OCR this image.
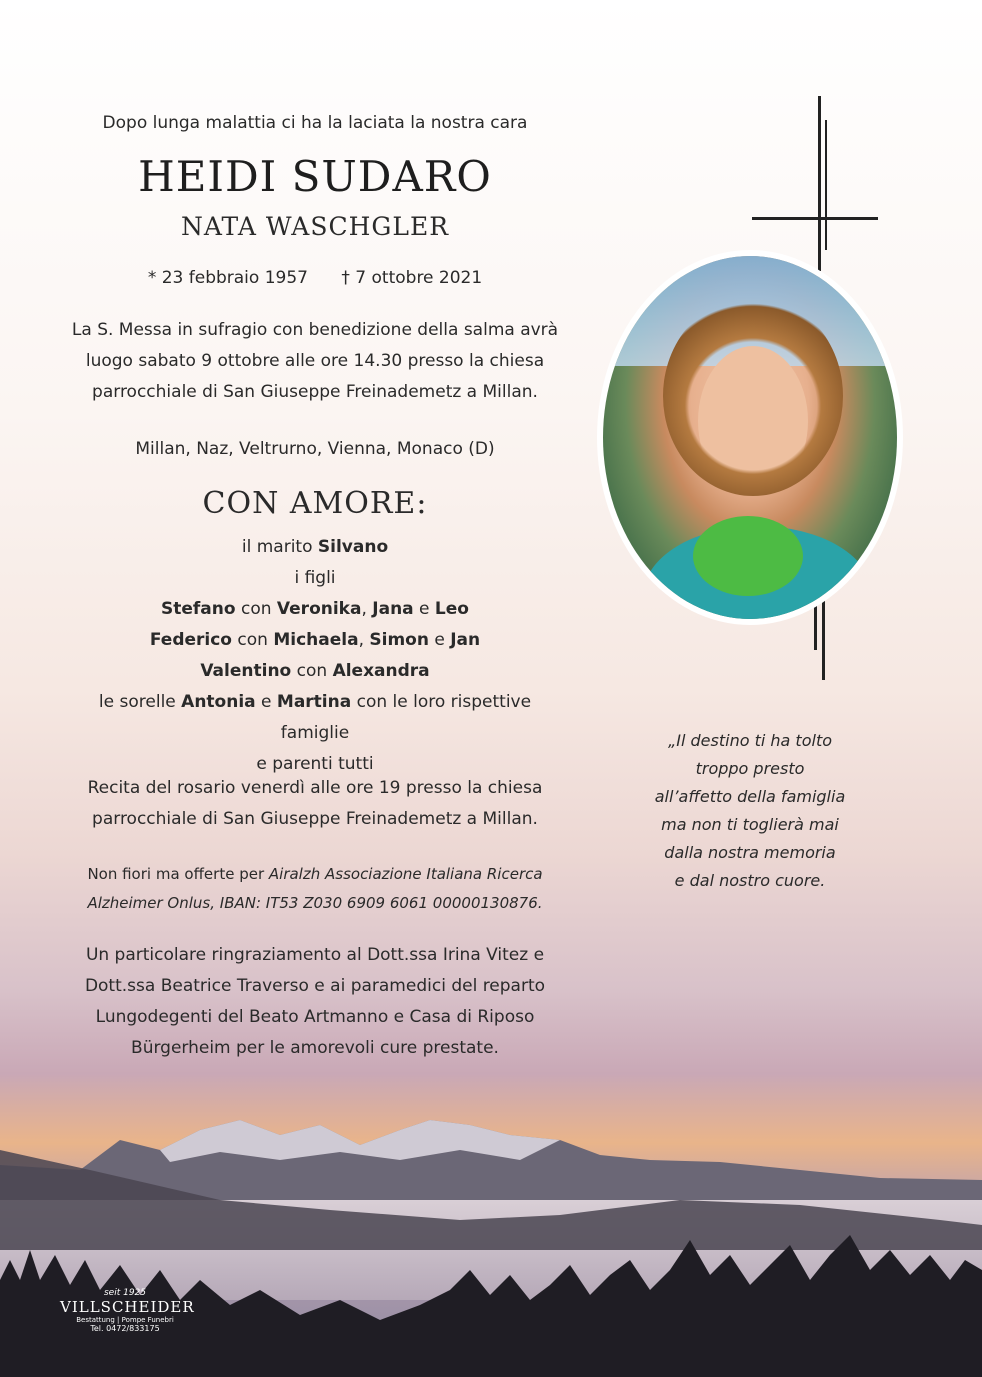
Dopo lunga malattia ci ha la laciata la nostra cara
HEIDI SUDARO
NATA WASCHGLER
* 23 febbraio 1957 † 7 ottobre 2021
La S. Messa in sufragio con benedizione della salma avrà
luogo sabato 9 ottobre alle ore 14.30 presso la chiesa
parrocchiale di San Giuseppe Freinademetz a Millan.
Millan, Naz, Veltrurno, Vienna, Monaco (D)
CON AMORE:
il marito Silvano
i figli
Stefano con Veronika, Jana e Leo
Federico con Michaela, Simon e Jan
Valentino con Alexandra
le sorelle Antonia e Martina con le loro rispettive famiglie
e parenti tutti
Recita del rosario venerdì alle ore 19 presso la chiesa
parrocchiale di San Giuseppe Freinademetz a Millan.
Non fiori ma offerte per Airalzh Associazione Italiana Ricerca
Alzheimer Onlus, IBAN: IT53 Z030 6909 6061 00000130876.
Un particolare ringraziamento al Dott.ssa Irina Vitez e
Dott.ssa Beatrice Traverso e ai paramedici del reparto
Lungodegenti del Beato Artmanno e Casa di Riposo
Bürgerheim per le amorevoli cure prestate.
„Il destino ti ha tolto
troppo presto
all’affetto della famiglia
ma non ti toglierà mai
dalla nostra memoria
e dal nostro cuore.
seit 1925
VILLSCHEIDER
Bestattung | Pompe Funebri
Tel. 0472/833175
